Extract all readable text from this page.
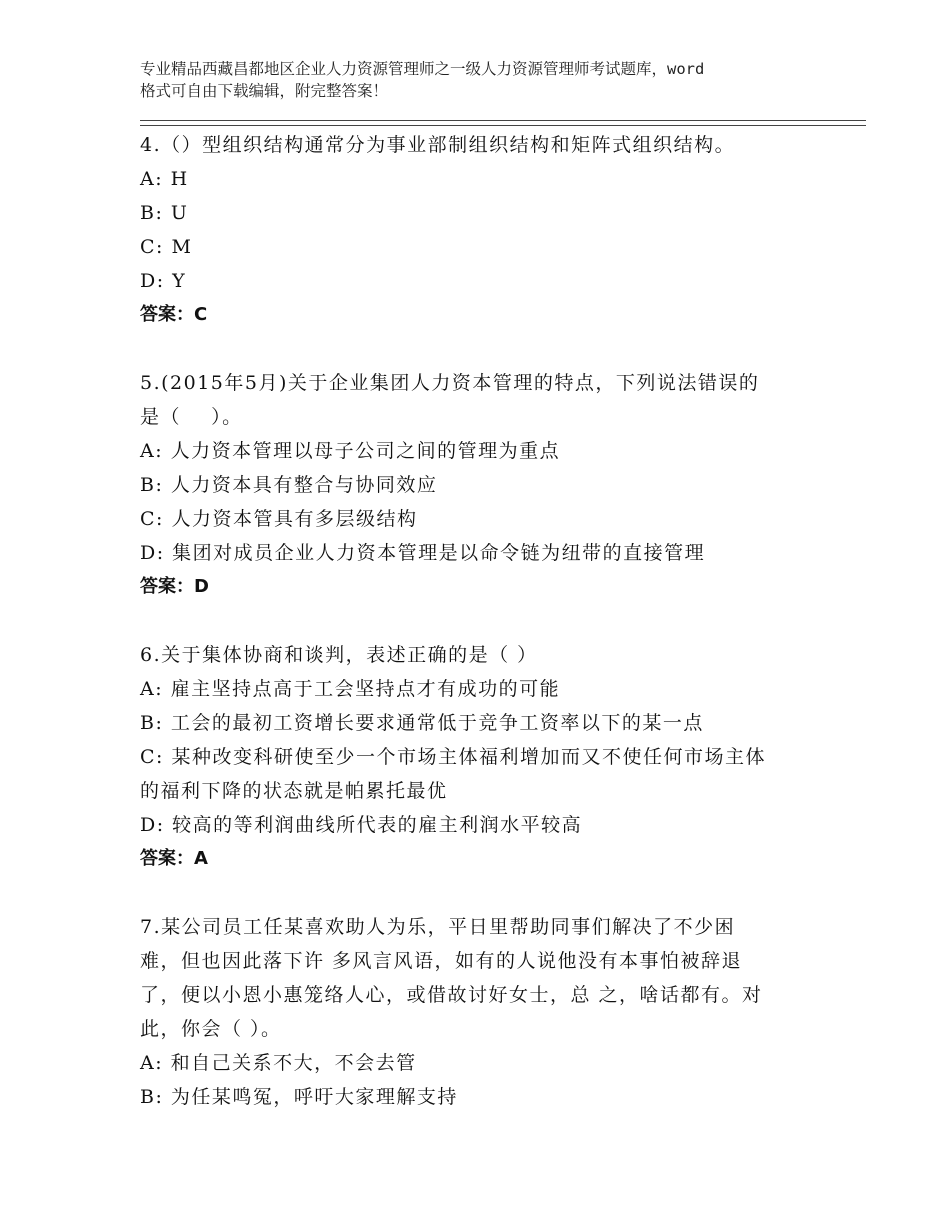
专业精品西藏昌都地区企业人力资源管理师之一级人力资源管理师考试题库，word
格式可自由下载编辑，附完整答案！
4.（）型组织结构通常分为事业部制组织结构和矩阵式组织结构。
A: H
B: U
C: M
D: Y
答案：C
5.(2015年5月)关于企业集团人力资本管理的特点，下列说法错误的
是（    ）。
A: 人力资本管理以母子公司之间的管理为重点
B: 人力资本具有整合与协同效应
C: 人力资本管具有多层级结构
D: 集团对成员企业人力资本管理是以命令链为纽带的直接管理
答案：D
6.关于集体协商和谈判，表述正确的是（ ）
A: 雇主坚持点高于工会坚持点才有成功的可能
B: 工会的最初工资增长要求通常低于竞争工资率以下的某一点
C: 某种改变科研使至少一个市场主体福利增加而又不使任何市场主体
的福利下降的状态就是帕累托最优
D: 较高的等利润曲线所代表的雇主利润水平较高
答案：A
7.某公司员工任某喜欢助人为乐，平日里帮助同事们解决了不少困
难，但也因此落下许 多风言风语，如有的人说他没有本事怕被辞退
了，便以小恩小惠笼络人心，或借故讨好女士，总 之，啥话都有。对
此，你会（ ）。
A: 和自己关系不大，不会去管
B: 为任某鸣冤，呼吁大家理解支持
